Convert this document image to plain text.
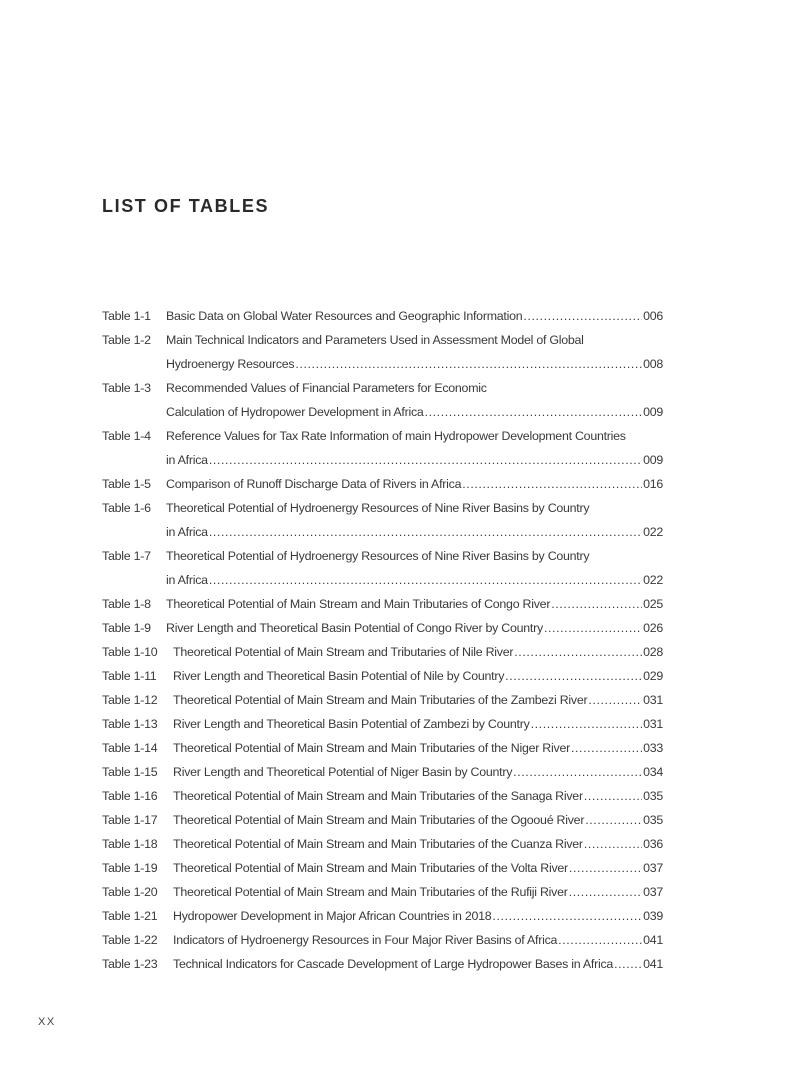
LIST OF TABLES
Table 1-1	Basic Data on Global Water Resources and Geographic Information .....	006
Table 1-2	Main Technical Indicators and Parameters Used in Assessment Model of Global
Hydroenergy Resources .....	008
Table 1-3	Recommended Values of Financial Parameters for Economic
Calculation of Hydropower Development in Africa .....	009
Table 1-4	Reference Values for Tax Rate Information of main Hydropower Development Countries
in Africa .....	009
Table 1-5	Comparison of Runoff Discharge Data of Rivers in Africa .....	016
Table 1-6	Theoretical Potential of Hydroenergy Resources of Nine River Basins by Country
in Africa .....	022
Table 1-7	Theoretical Potential of Hydroenergy Resources of Nine River Basins by Country
in Africa .....	022
Table 1-8	Theoretical Potential of Main Stream and Main Tributaries of Congo River .....	025
Table 1-9	River Length and Theoretical Basin Potential of Congo River by Country .....	026
Table 1-10	Theoretical Potential of Main Stream and Tributaries of Nile River .....	028
Table 1-11	River Length and Theoretical Basin Potential of Nile by Country .....	029
Table 1-12	Theoretical Potential of Main Stream and Main Tributaries of the Zambezi River .....	031
Table 1-13	River Length and Theoretical Basin Potential of Zambezi by Country .....	031
Table 1-14	Theoretical Potential of Main Stream and Main Tributaries of the Niger River .....	033
Table 1-15	River Length and Theoretical Potential of Niger Basin by Country .....	034
Table 1-16	Theoretical Potential of Main Stream and Main Tributaries of the Sanaga River .....	035
Table 1-17	Theoretical Potential of Main Stream and Main Tributaries of the Ogooué River .....	035
Table 1-18	Theoretical Potential of Main Stream and Main Tributaries of the Cuanza River .....	036
Table 1-19	Theoretical Potential of Main Stream and Main Tributaries of the Volta River .....	037
Table 1-20	Theoretical Potential of Main Stream and Main Tributaries of the Rufiji River .....	037
Table 1-21	Hydropower Development in Major African Countries in 2018 .....	039
Table 1-22	Indicators of Hydroenergy Resources in Four Major River Basins of Africa .....	041
Table 1-23	Technical Indicators for Cascade Development of Large Hydropower Bases in Africa ..... 041
XX
